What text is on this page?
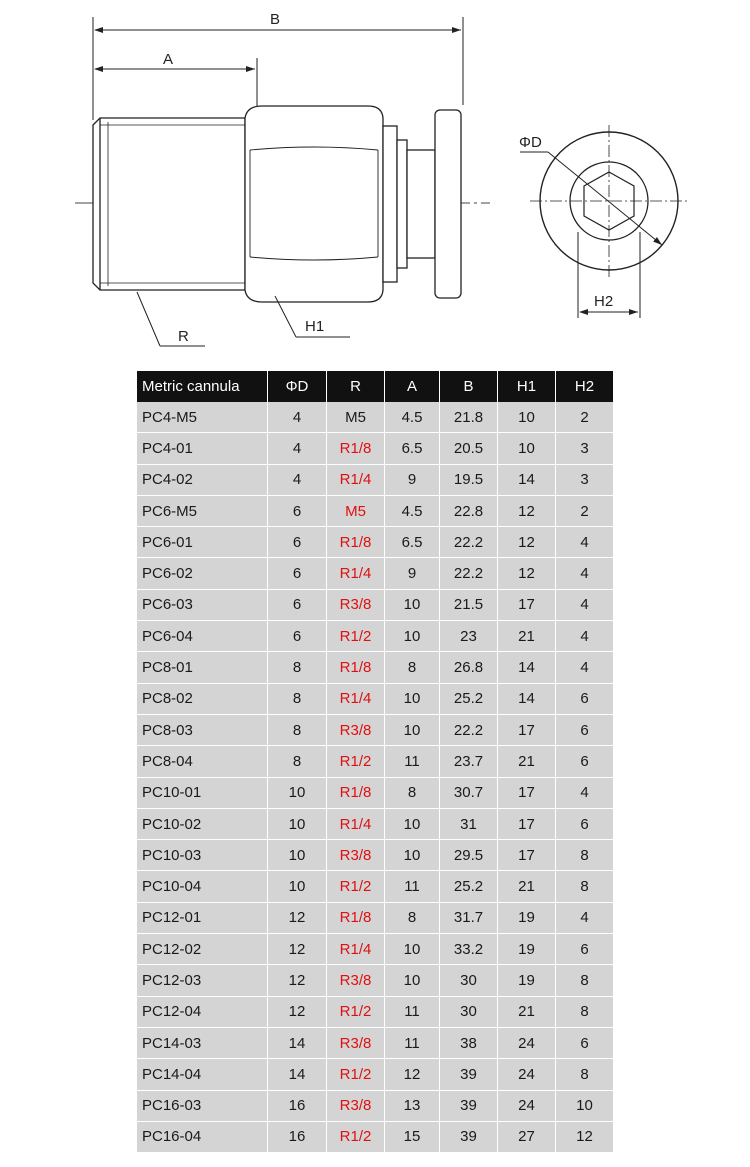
B
A
R
H1
ΦD
H2
Metric cannula	ΦD	R	A	B	H1	H2
PC4-M5	4	M5	4.5	21.8	10	2
PC4-01	4	R1/8	6.5	20.5	10	3
PC4-02	4	R1/4	9	19.5	14	3
PC6-M5	6	M5	4.5	22.8	12	2
PC6-01	6	R1/8	6.5	22.2	12	4
PC6-02	6	R1/4	9	22.2	12	4
PC6-03	6	R3/8	10	21.5	17	4
PC6-04	6	R1/2	10	23	21	4
PC8-01	8	R1/8	8	26.8	14	4
PC8-02	8	R1/4	10	25.2	14	6
PC8-03	8	R3/8	10	22.2	17	6
PC8-04	8	R1/2	11	23.7	21	6
PC10-01	10	R1/8	8	30.7	17	4
PC10-02	10	R1/4	10	31	17	6
PC10-03	10	R3/8	10	29.5	17	8
PC10-04	10	R1/2	11	25.2	21	8
PC12-01	12	R1/8	8	31.7	19	4
PC12-02	12	R1/4	10	33.2	19	6
PC12-03	12	R3/8	10	30	19	8
PC12-04	12	R1/2	11	30	21	8
PC14-03	14	R3/8	11	38	24	6
PC14-04	14	R1/2	12	39	24	8
PC16-03	16	R3/8	13	39	24	10
PC16-04	16	R1/2	15	39	27	12
